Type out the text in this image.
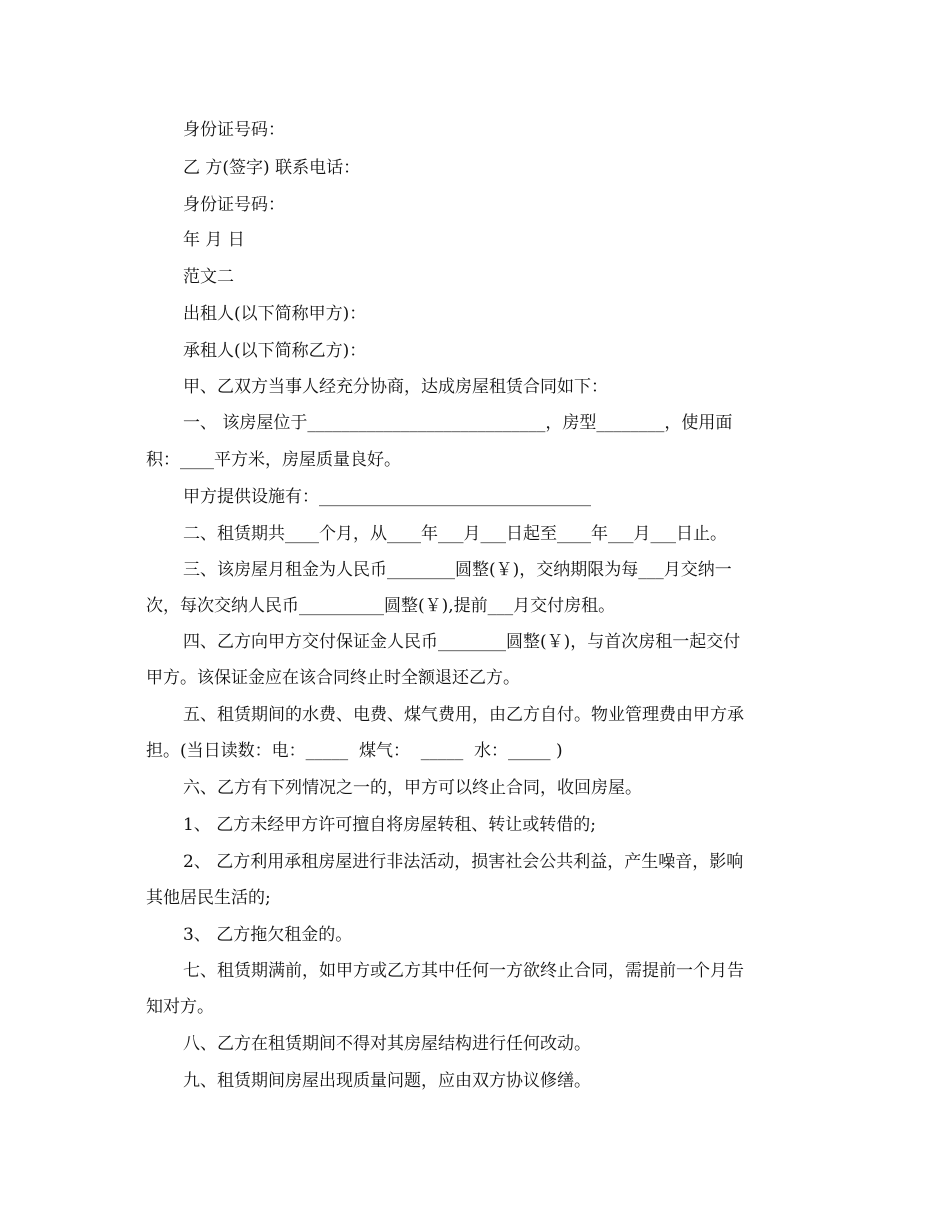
身份证号码：
乙 方(签字) 联系电话：
身份证号码：
年 月 日
范文二
出租人(以下简称甲方)：
承租人(以下简称乙方)：
甲、乙双方当事人经充分协商，达成房屋租赁合同如下：
一、 该房屋位于____________________________，房型________，使用面
积：____平方米，房屋质量良好。
甲方提供设施有：________________________________
二、租赁期共____个月，从____年___月___日起至____年___月___日止。
三、该房屋月租金为人民币________圆整(￥)，交纳期限为每___月交纳一
次，每次交纳人民币__________圆整(￥),提前___月交付房租。
四、乙方向甲方交付保证金人民币________圆整(￥)，与首次房租一起交付
甲方。该保证金应在该合同终止时全额退还乙方。
五、租赁期间的水费、电费、煤气费用，由乙方自付。物业管理费由甲方承
担。(当日读数：电：_____  煤气：  _____  水：_____ )
六、乙方有下列情况之一的，甲方可以终止合同，收回房屋。
1、 乙方未经甲方许可擅自将房屋转租、转让或转借的;
2、 乙方利用承租房屋进行非法活动，损害社会公共利益，产生噪音，影响
其他居民生活的;
3、 乙方拖欠租金的。
七、租赁期满前，如甲方或乙方其中任何一方欲终止合同，需提前一个月告
知对方。
八、乙方在租赁期间不得对其房屋结构进行任何改动。
九、租赁期间房屋出现质量问题，应由双方协议修缮。
